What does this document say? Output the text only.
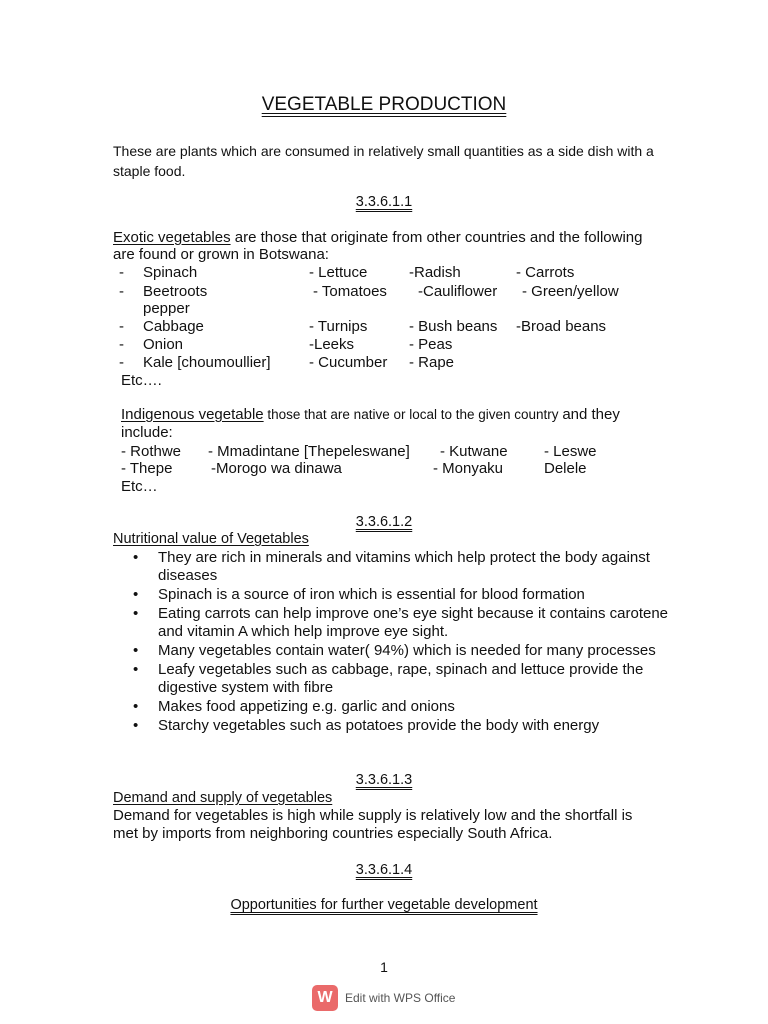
VEGETABLE PRODUCTION
These are plants which are consumed in relatively small quantities as a side dish with a staple food.
3.3.6.1.1
Exotic vegetables are those that originate from other countries and the following
are found or grown in Botswana:
- Spinach	- Lettuce	-Radish	- Carrots
- Beetroots	- Tomatoes -Cauliflower - Green/yellow
pepper
- Cabbage	- Turnips	- Bush beans -Broad beans
- Onion	-Leeks	- Peas
- Kale [choumoullier]	- Cucumber - Rape
Etc….
Indigenous vegetable those that are native or local to the given country and they
include:
- Rothwe - Mmadintane [Thepeleswane] - Kutwane - Leswe
- Thepe	-Morogo wa dinawa	- Monyaku	Delele
Etc…
3.3.6.1.2
Nutritional value of Vegetables
• They are rich in minerals and vitamins which help protect the body against diseases
• Spinach is a source of iron which is essential for blood formation
• Eating carrots can help improve one’s eye sight because it contains carotene and vitamin A which help improve eye sight.
• Many vegetables contain water( 94%) which is needed for many processes
• Leafy vegetables such as cabbage, rape, spinach and lettuce provide the digestive system with fibre
• Makes food appetizing e.g. garlic and onions
• Starchy vegetables such as potatoes provide the body with energy
3.3.6.1.3
Demand and supply of vegetables
Demand for vegetables is high while supply is relatively low and the shortfall is
met by imports from neighboring countries especially South Africa.
3.3.6.1.4
Opportunities for further vegetable development
1
W	Edit with WPS Office
